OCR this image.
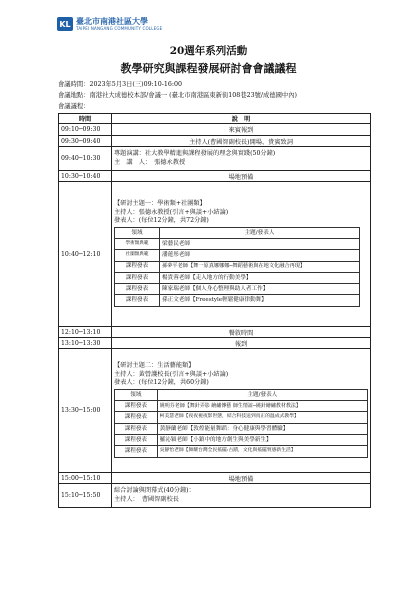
KL 臺北市南港社區大學
TAIPEI NANGANG COMMUNITY COLLEGE
20週年系列活動
教學研究與課程發展研討會會議議程
會議時間：2023年5月3日(三)09:10-16:00
會議地點：南港社大成德校本部/會議一 (臺北市南港區東新街108巷23號/成德國中內)
會議議程：
時間	說　明
09:10─09:30	來賓報到
09:30─09:40	主持人(曹國智副校長)開場、貴賓致詞
09:40─10:30	
專題演講：社大教學精進與課程發展的理念與實踐(50分鐘)
主　講　人：　張德永教授

10:30─10:40	場地預備
10:40─12:10	
【研討主題一：學術類+社團類】
主持人：張德永教授(引言+與談+小結論)
發表人：(每位12分鐘，共72分鐘)
領域	主題/發表人
學術類典範	梁藝民老師
社團類典範	潘蓮彤老師
課程發表	孫夢平老師【舞一原真娜娜娜─舞蹈藝術與在地文化融合再現】
課程發表	楊貴蓉老師【走入地方的行動美學】
課程發表	陳家瑞老師【個人身心整理與助人者工作】
課程發表	孫正文老師【Freestyle輕鬆健康律動舞】

12:10─13:10	餐敘時間
13:10─13:30	報到
13:30─15:00	
【研討主題二：生活藝能類】
主持人：黃營護校長(引言+與談+小結論)
發表人：(每位12分鐘，共60分鐘)
領域	主題/發表人
課程發表	姚明芬老師【舞針弄影 繪繡傳藝 師生情誼─繞針繪繡教材教法】
課程發表	柯美慧老師【夜夜視夜影世態，結合科技送到真正的温成式教學】
課程發表	黃靜蘭老師【敦煌能量舞蹈：身心健康與學習體驗】
課程發表	羅沁穎老師【小鎮中的地方創生與美學新生】
課程發表	吳靜怡老師【舞耀台灣全民搖擺:古蹟，文化與搖擺貿感新生活】

15:00─15:10	場地預備
15:10─15:50	
綜合討論與閉幕式(40分鐘)：
主持人：　曹國智副校長
